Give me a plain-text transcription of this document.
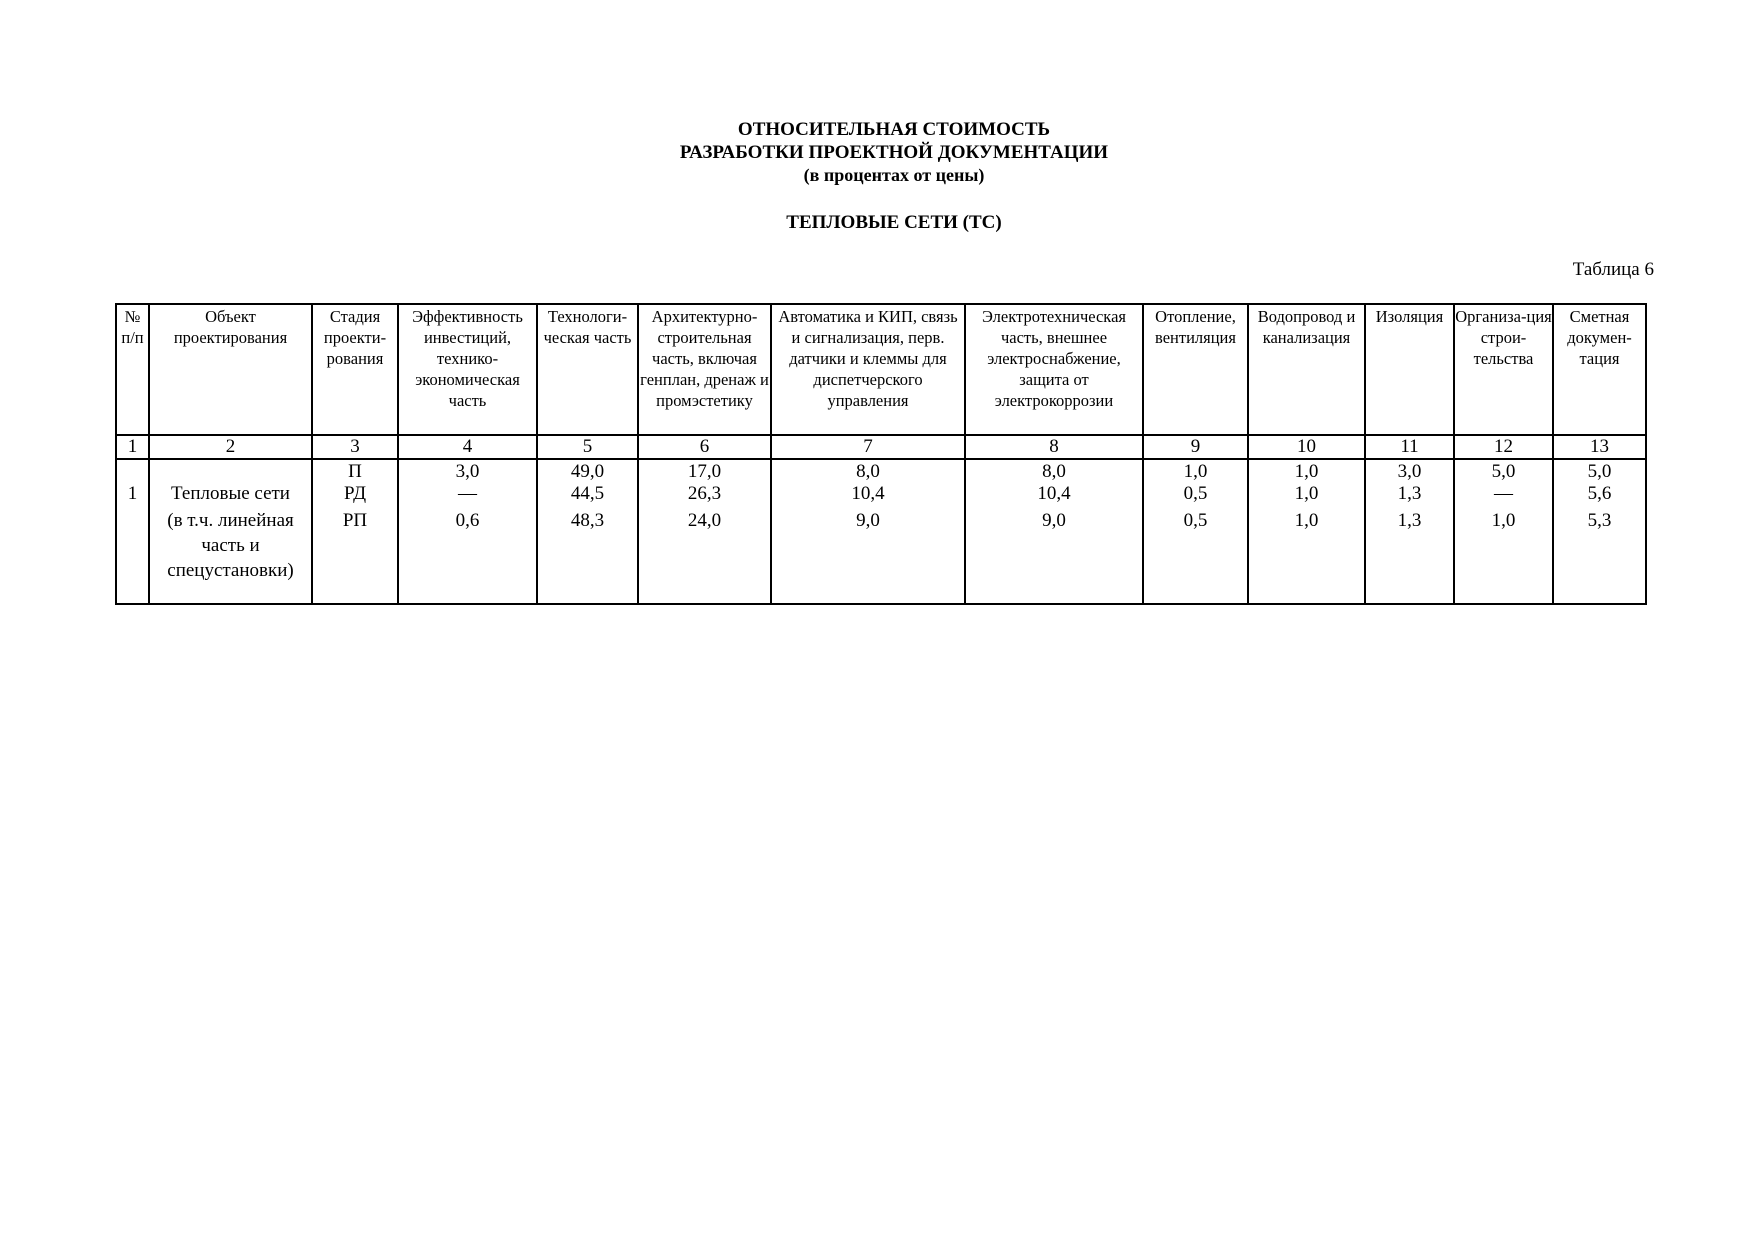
ОТНОСИТЕЛЬНАЯ СТОИМОСТЬ
РАЗРАБОТКИ ПРОЕКТНОЙ ДОКУМЕНТАЦИИ
(в процентах от цены)
ТЕПЛОВЫЕ СЕТИ (ТС)
Таблица 6
№ п/п	Объект проектирования	Стадия проекти-рования	Эффективность инвестиций, технико-экономическая часть	Технологи-ческая часть	Архитектурно-строительная часть, включая генплан, дренаж и промэстетику	Автоматика и КИП, связь и сигнализация, перв. датчики и клеммы для диспетчерского управления	Электротехническая часть, внешнее электроснабжение, защита от электрокоррозии	Отопление, вентиляция	Водопровод и канализация	Изоляция	Организа-ция строи-тельства	Сметная докумен-тация
1	2	3	4	5	6	7	8	9	10	11	12	13
		П	3,0	49,0	17,0	8,0	8,0	1,0	1,0	3,0	5,0	5,0
1	Тепловые сети	РД	—	44,5	26,3	10,4	10,4	0,5	1,0	1,3	—	5,6
	(в т.ч. линейная часть и спецустановки)	РП	0,6	48,3	24,0	9,0	9,0	0,5	1,0	1,3	1,0	5,3
